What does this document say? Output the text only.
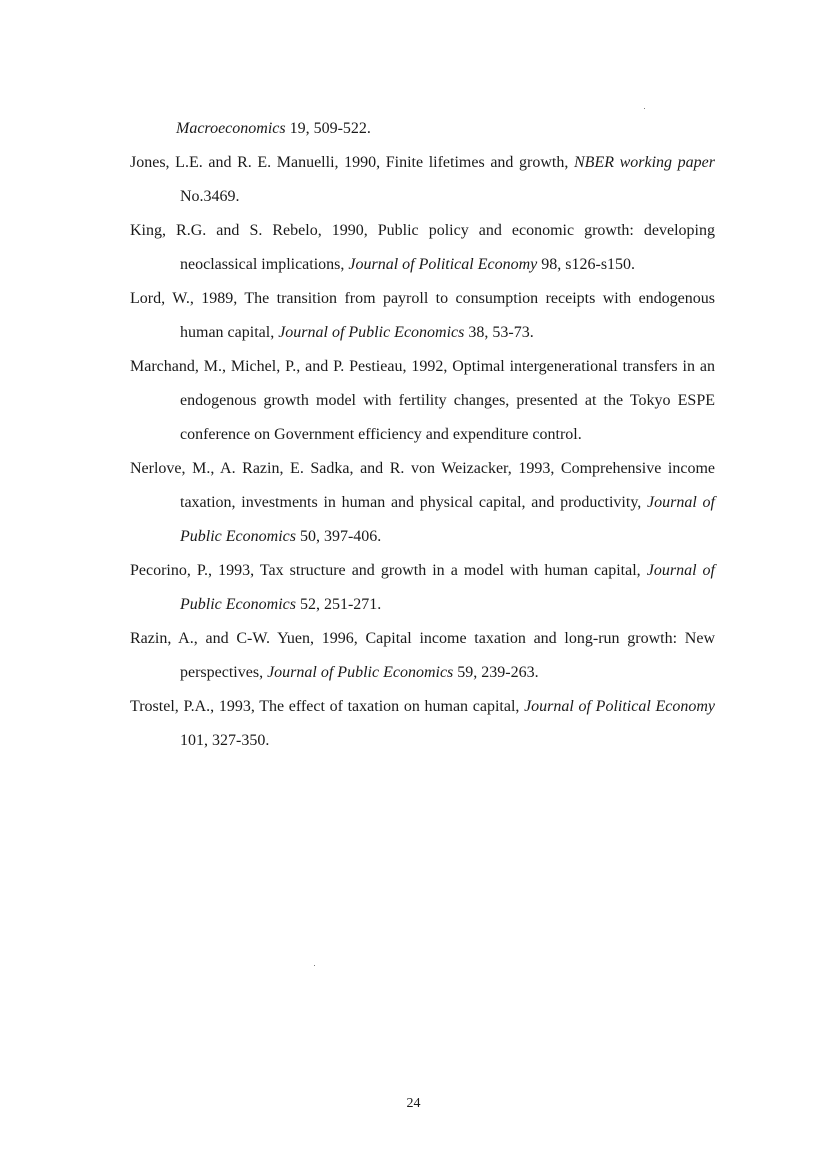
Macroeconomics 19, 509-522.
Jones, L.E. and R. E. Manuelli, 1990, Finite lifetimes and growth, NBER working paper No.3469.
King, R.G. and S. Rebelo, 1990, Public policy and economic growth: developing neoclassical implications, Journal of Political Economy 98, s126-s150.
Lord, W., 1989, The transition from payroll to consumption receipts with endogenous human capital, Journal of Public Economics 38, 53-73.
Marchand, M., Michel, P., and P. Pestieau, 1992, Optimal intergenerational transfers in an endogenous growth model with fertility changes, presented at the Tokyo ESPE conference on Government efficiency and expenditure control.
Nerlove, M., A. Razin, E. Sadka, and R. von Weizacker, 1993, Comprehensive income taxation, investments in human and physical capital, and productivity, Journal of Public Economics 50, 397-406.
Pecorino, P., 1993, Tax structure and growth in a model with human capital, Journal of Public Economics 52, 251-271.
Razin, A., and C-W. Yuen, 1996, Capital income taxation and long-run growth: New perspectives, Journal of Public Economics 59, 239-263.
Trostel, P.A., 1993, The effect of taxation on human capital, Journal of Political Economy 101, 327-350.
24
